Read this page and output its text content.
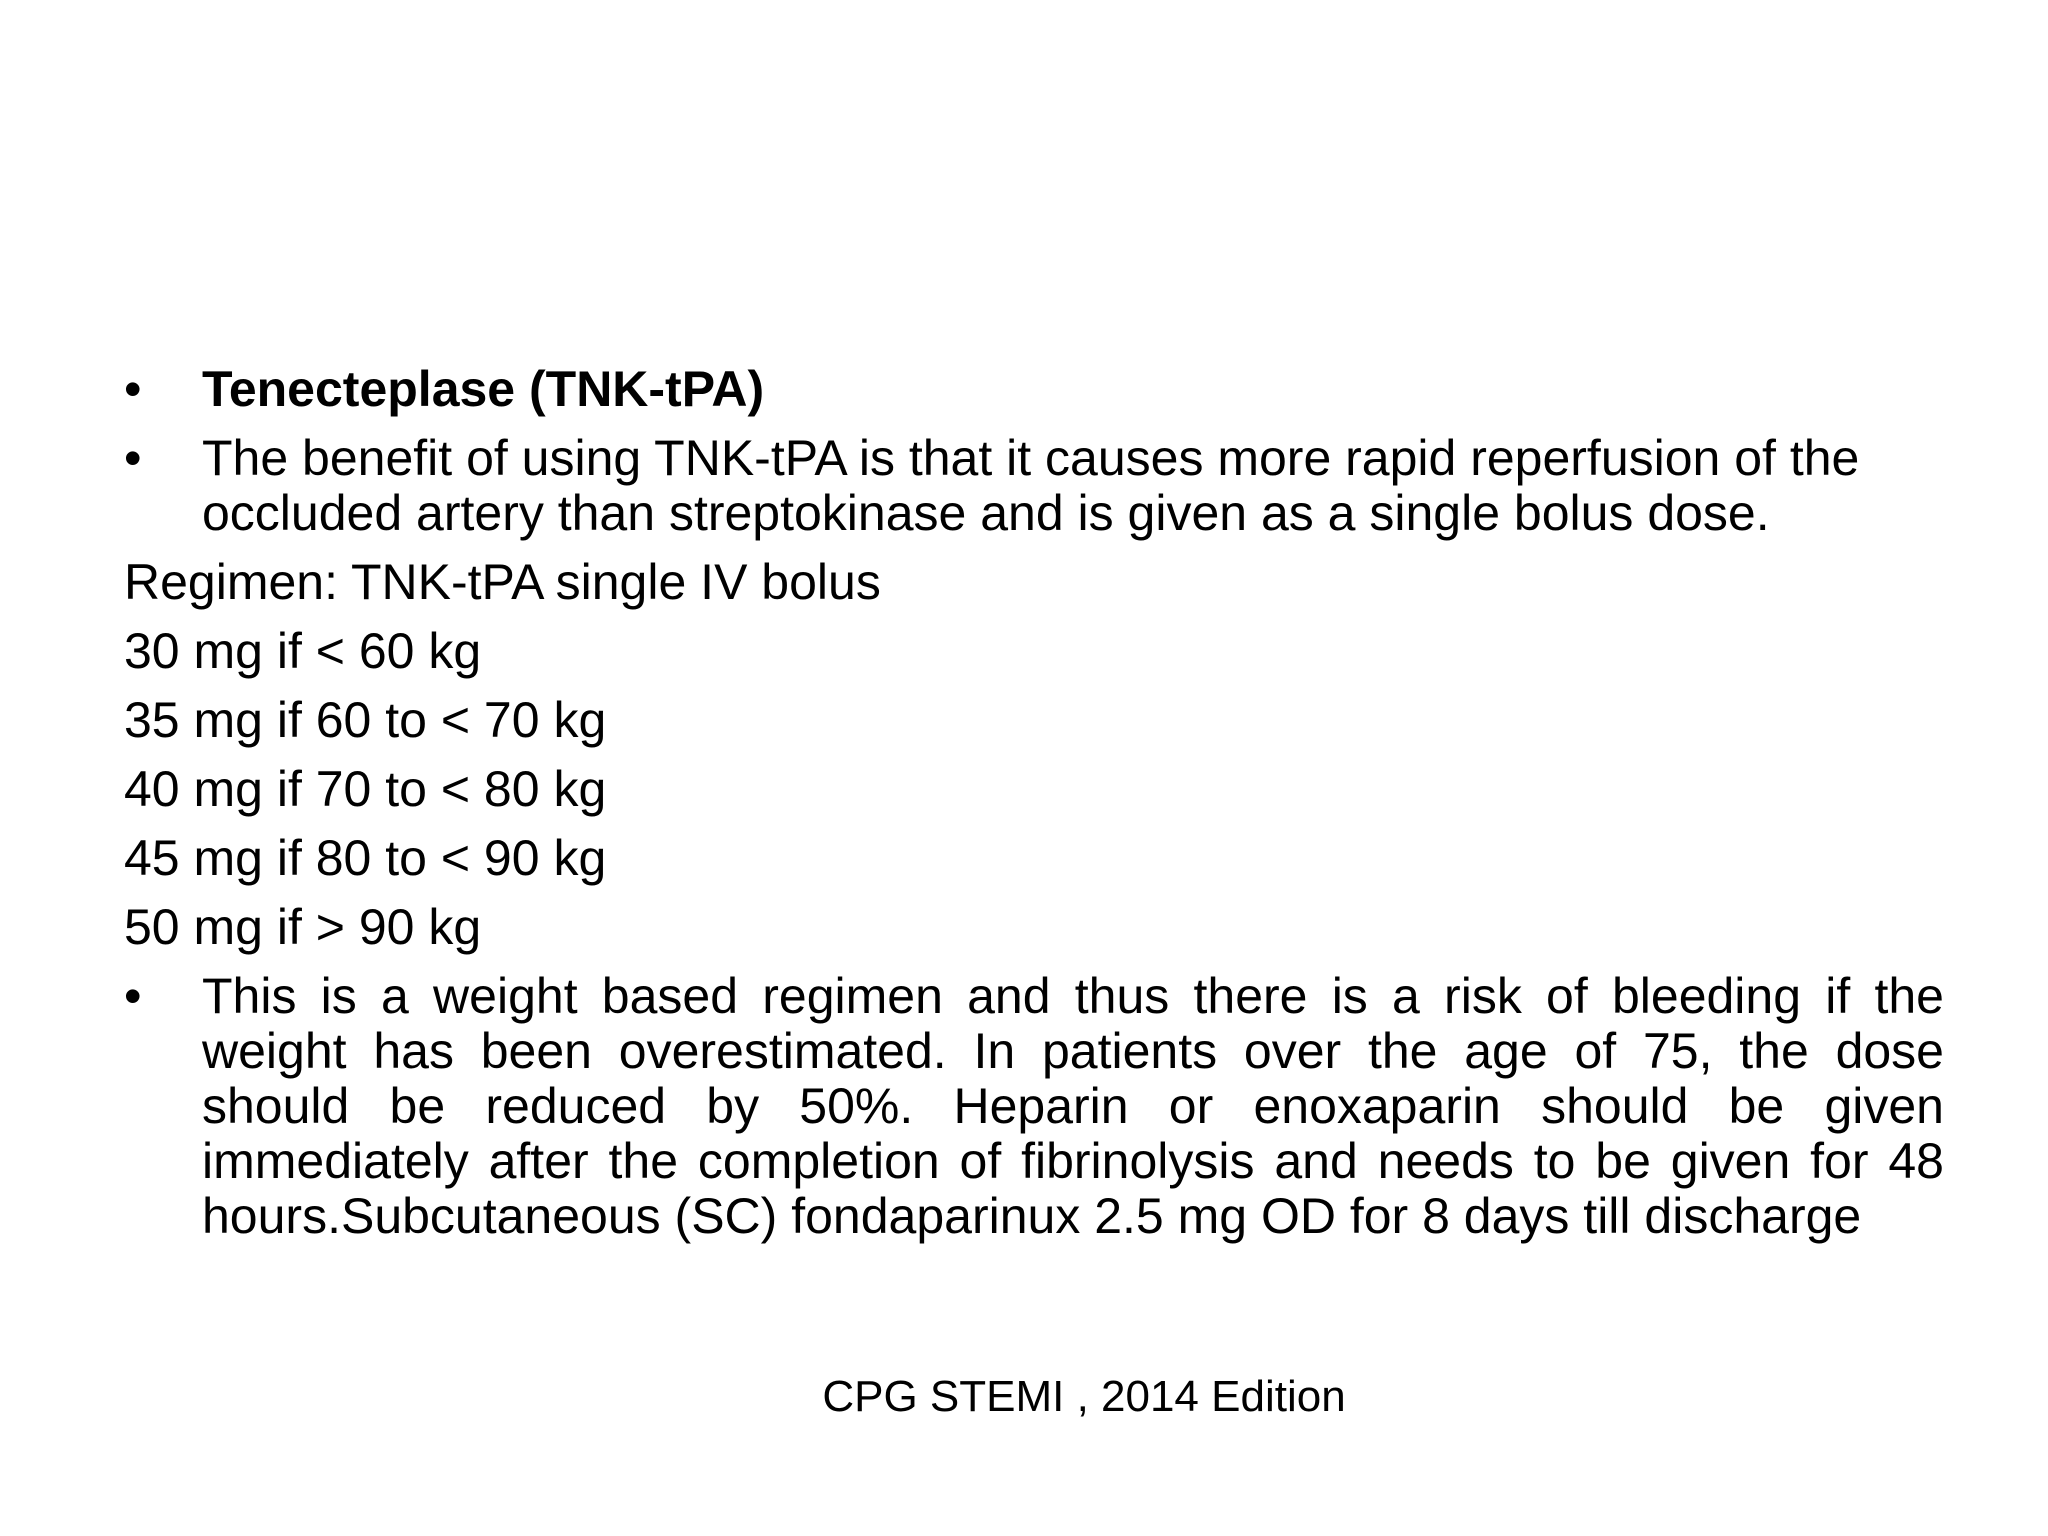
• Tenecteplase (TNK-tPA)
• The benefit of using TNK-tPA is that it causes more rapid reperfusion of the occluded artery than streptokinase and is given as a single bolus dose.
Regimen: TNK-tPA single IV bolus
30 mg if < 60 kg
35 mg if 60 to < 70 kg
40 mg if 70 to < 80 kg
45 mg if 80 to < 90 kg
50 mg if > 90 kg
• This is a weight based regimen and thus there is a risk of bleeding if the weight has been overestimated. In patients over the age of 75, the dose should be reduced by 50%. Heparin or enoxaparin should be given immediately after the completion of fibrinolysis and needs to be given for 48 hours.Subcutaneous (SC) fondaparinux 2.5 mg OD for 8 days till discharge
CPG STEMI , 2014 Edition
